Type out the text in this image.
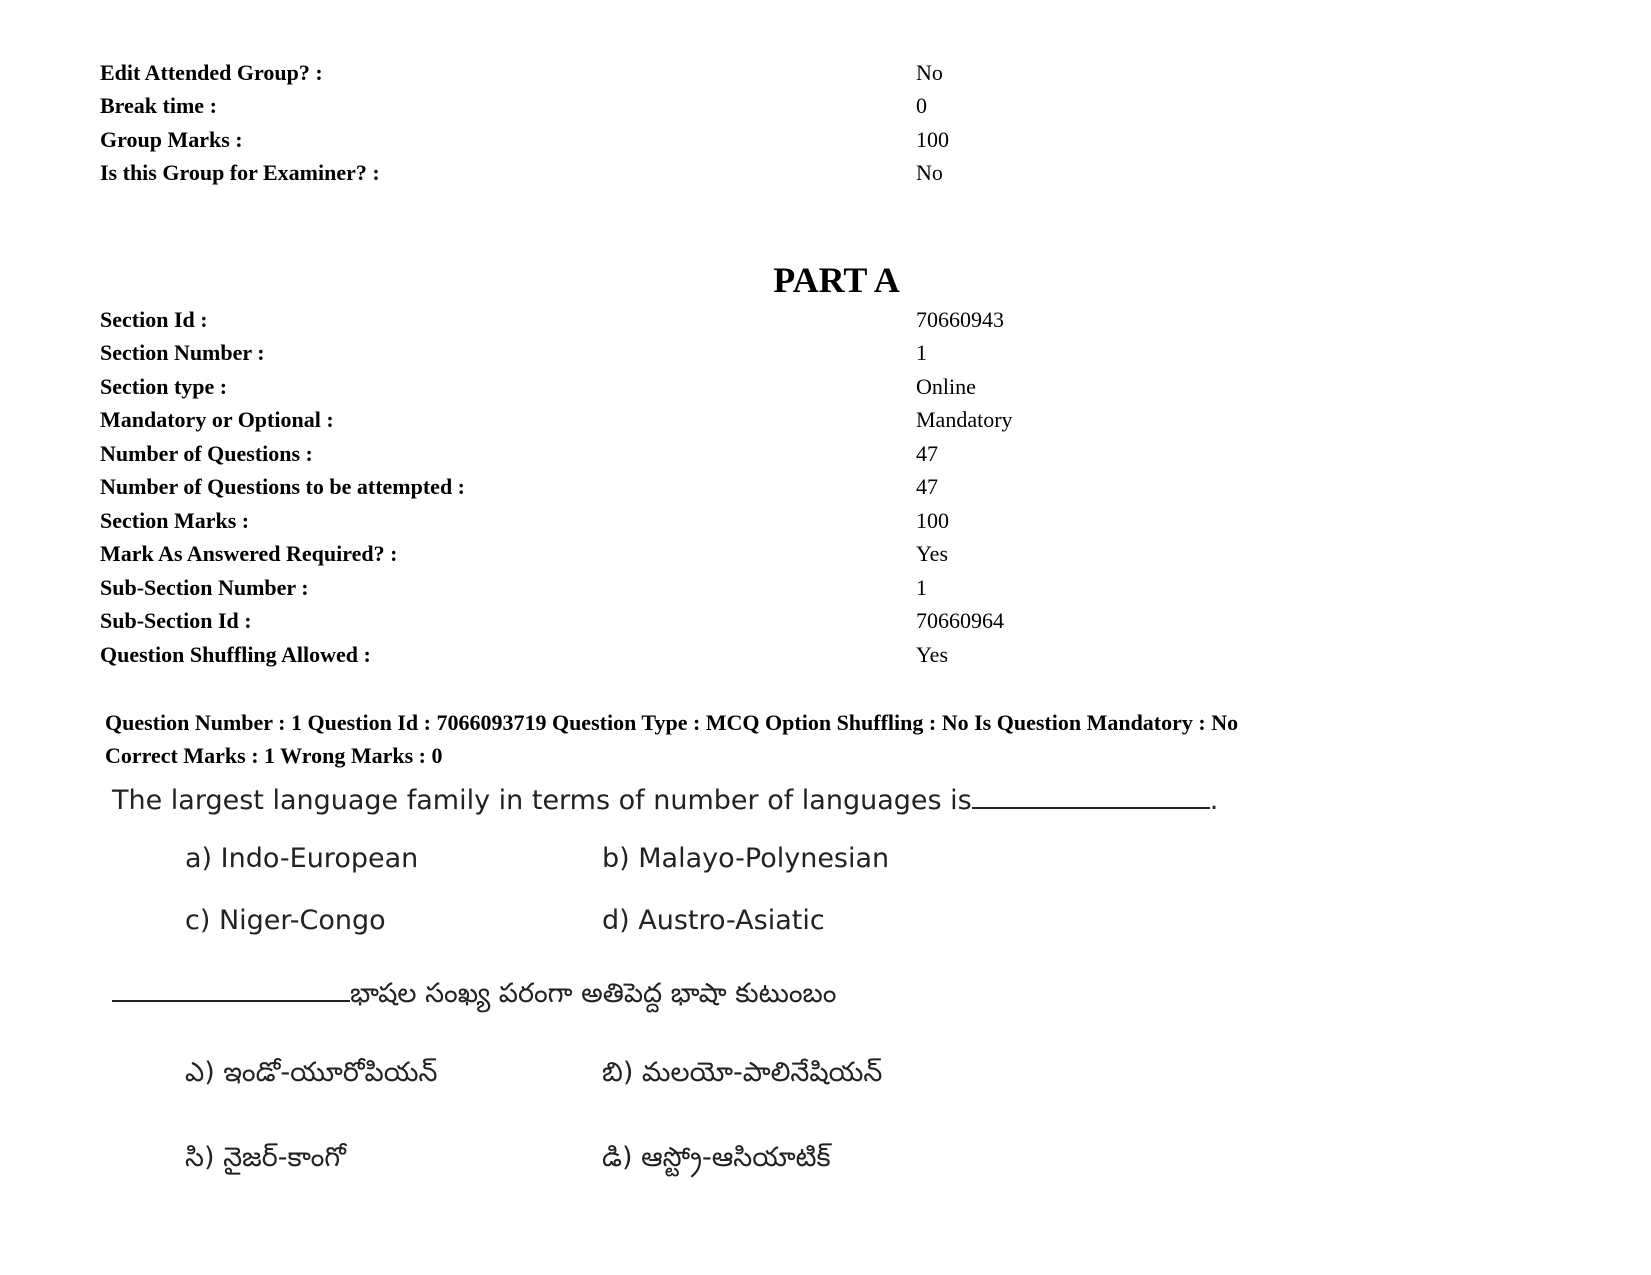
Edit Attended Group? :	No
Break time :	0
Group Marks :	100
Is this Group for Examiner? :	No
PART A
Section Id :	70660943
Section Number :	1
Section type :	Online
Mandatory or Optional :	Mandatory
Number of Questions :	47
Number of Questions to be attempted :	47
Section Marks :	100
Mark As Answered Required? :	Yes
Sub-Section Number :	1
Sub-Section Id :	70660964
Question Shuffling Allowed :	Yes
Question Number : 1 Question Id : 7066093719 Question Type : MCQ Option Shuffling : No Is Question Mandatory : No
Correct Marks : 1 Wrong Marks : 0
The largest language family in terms of number of languages is	.
a) Indo-European	b) Malayo-Polynesian
c) Niger-Congo	d) Austro-Asiatic
భాషల సంఖ్య పరంగా అతిపెద్ద భాషా కుటుంబం
ఎ) ఇండో-యూరోపియన్	బి) మలయో-పాలినేషియన్
సి) నైజర్-కాంగో	డి) ఆస్ట్రో-ఆసియాటిక్
